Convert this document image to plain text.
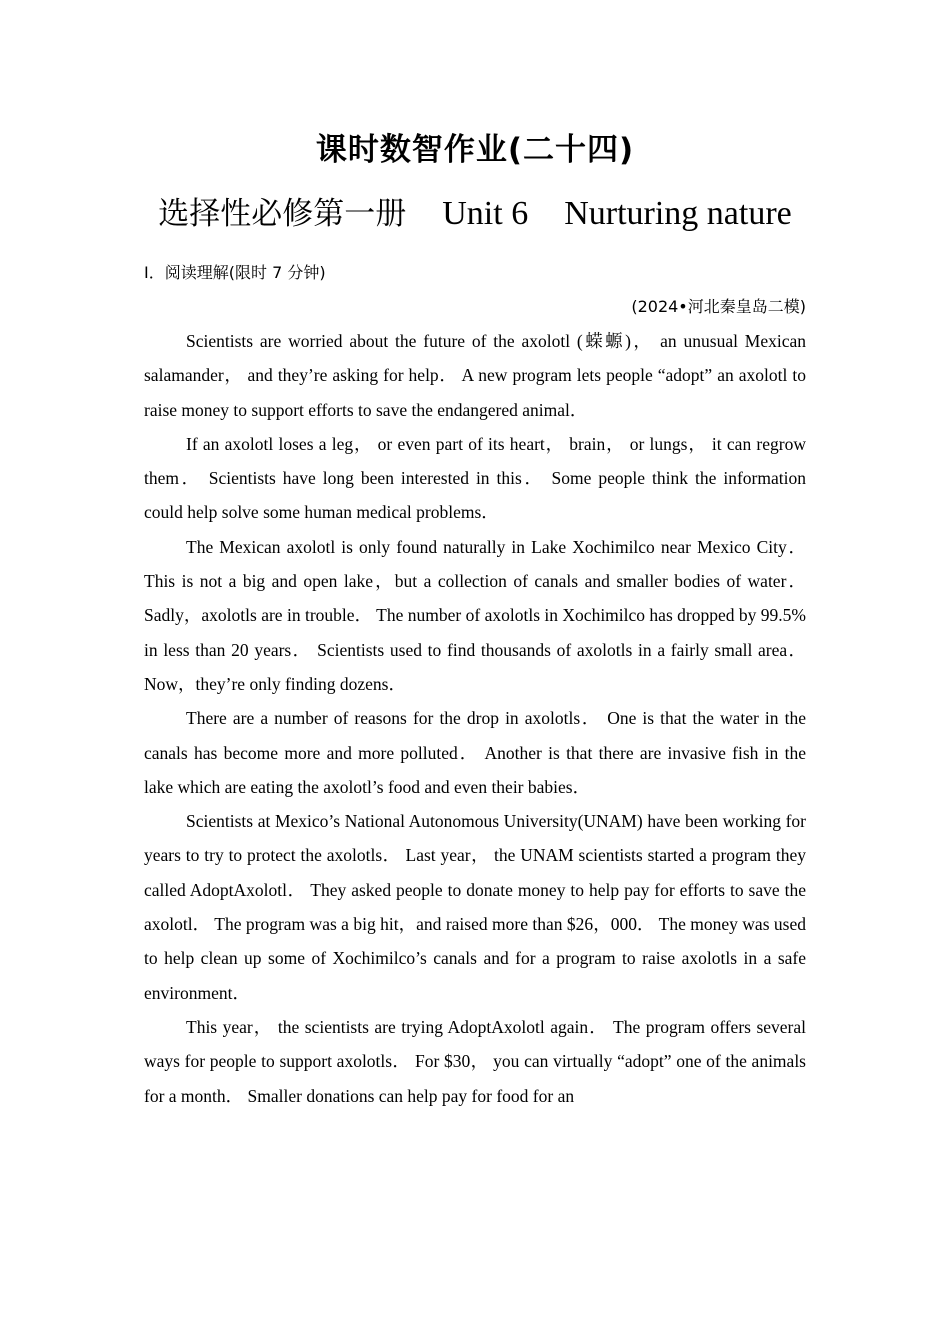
课时数智作业(二十四)
选择性必修第一册 Unit 6 Nurturing nature

Ⅰ．阅读理解(限时 7 分钟)

(2024•河北秦皇岛二模)

Scientists are worried about the future of the axolotl (蝾螈)， an unusual Mexican salamander， and they’re asking for help． A new program lets people “adopt” an axolotl to raise money to support efforts to save the endangered animal．

If an axolotl loses a leg， or even part of its heart， brain， or lungs， it can regrow them． Scientists have long been interested in this． Some people think the information could help solve some human medical problems．

The Mexican axolotl is only found naturally in Lake Xochimilco near Mexico City． This is not a big and open lake，but a collection of canals and smaller bodies of water． Sadly，axolotls are in trouble． The number of axolotls in Xochimilco has dropped by 99.5% in less than 20 years． Scientists used to find thousands of axolotls in a fairly small area． Now，they’re only finding dozens．

There are a number of reasons for the drop in axolotls． One is that the water in the canals has become more and more polluted． Another is that there are invasive fish in the lake which are eating the axolotl’s food and even their babies．

Scientists at Mexico’s National Autonomous University(UNAM) have been working for years to try to protect the axolotls． Last year， the UNAM scientists started a program they called AdoptAxolotl． They asked people to donate money to help pay for efforts to save the axolotl． The program was a big hit，and raised more than $26，000． The money was used to help clean up some of Xochimilco’s canals and for a program to raise axolotls in a safe environment．

This year， the scientists are trying AdoptAxolotl again． The program offers several ways for people to support axolotls． For $30， you can virtually “adopt” one of the animals for a month． Smaller donations can help pay for food for an
